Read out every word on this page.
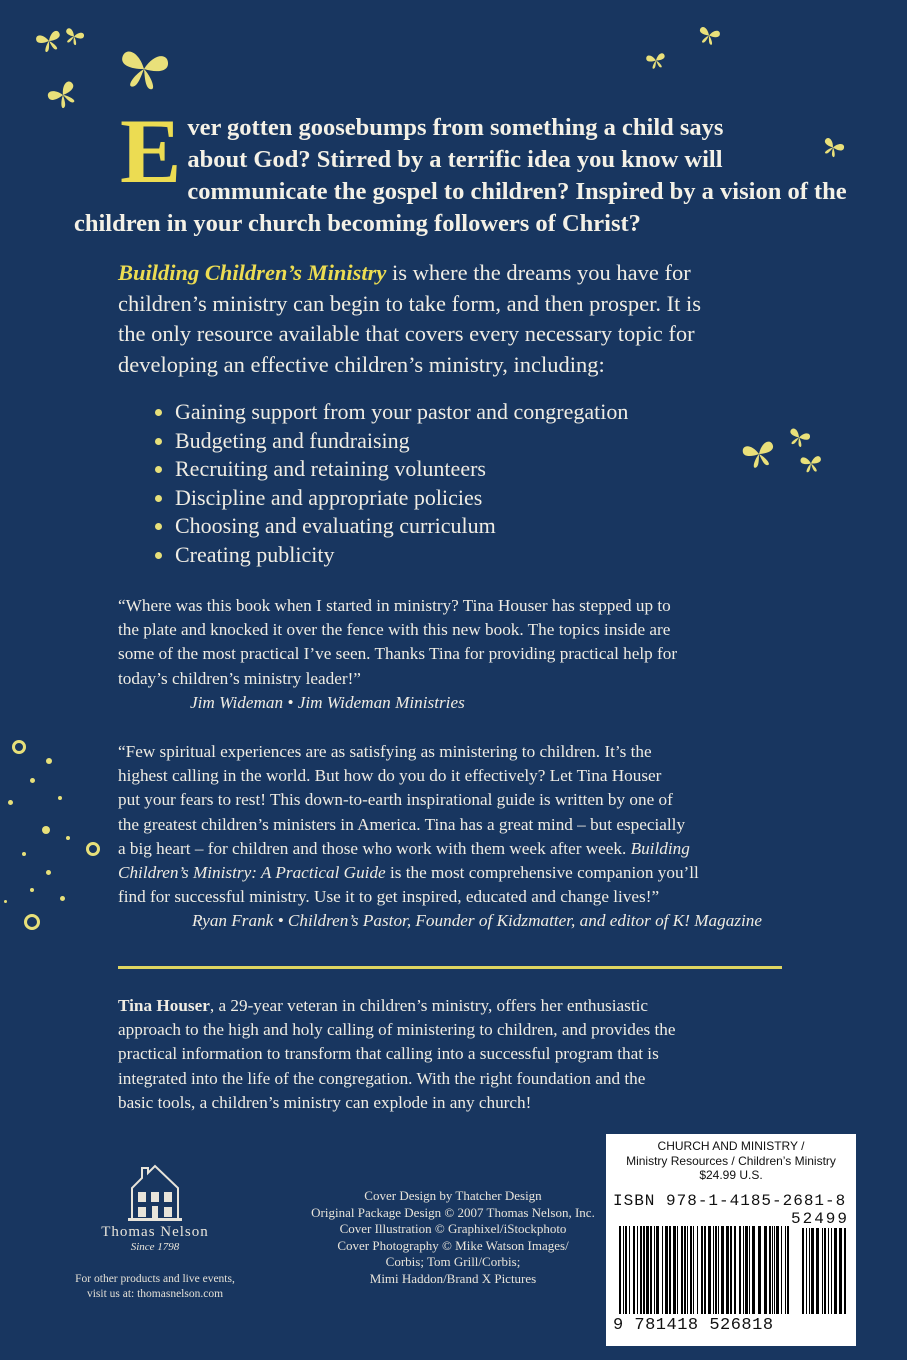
E ver gotten goosebumps from something a child says
about God? Stirred by a terrific idea you know will
communicate the gospel to children? Inspired by a vision of the
children in your church becoming followers of Christ?
Building Children’s Ministry is where the dreams you have for
children’s ministry can begin to take form, and then prosper. It is
the only resource available that covers every necessary topic for
developing an effective children’s ministry, including:
Gaining support from your pastor and congregation
Budgeting and fundraising
Recruiting and retaining volunteers
Discipline and appropriate policies
Choosing and evaluating curriculum
Creating publicity
“Where was this book when I started in ministry? Tina Houser has stepped up to
the plate and knocked it over the fence with this new book. The topics inside are
some of the most practical I’ve seen. Thanks Tina for providing practical help for
today’s children’s ministry leader!”
Jim Wideman • Jim Wideman Ministries
“Few spiritual experiences are as satisfying as ministering to children. It’s the
highest calling in the world. But how do you do it effectively? Let Tina Houser
put your fears to rest! This down-to-earth inspirational guide is written by one of
the greatest children’s ministers in America. Tina has a great mind – but especially
a big heart – for children and those who work with them week after week. Building
Children’s Ministry: A Practical Guide is the most comprehensive companion you’ll
find for successful ministry. Use it to get inspired, educated and change lives!”
Ryan Frank • Children’s Pastor, Founder of Kidzmatter, and editor of K! Magazine
Tina Houser, a 29-year veteran in children’s ministry, offers her enthusiastic
approach to the high and holy calling of ministering to children, and provides the
practical information to transform that calling into a successful program that is
integrated into the life of the congregation. With the right foundation and the
basic tools, a children’s ministry can explode in any church!
Thomas Nelson
Since 1798
For other products and live events,
visit us at: thomasnelson.com
Cover Design by Thatcher Design
Original Package Design © 2007 Thomas Nelson, Inc.
Cover Illustration © Graphixel/iStockphoto
Cover Photography © Mike Watson Images/
Corbis; Tom Grill/Corbis;
Mimi Haddon/Brand X Pictures
CHURCH AND MINISTRY /
Ministry Resources / Children’s Ministry
$24.99 U.S.
ISBN 978-1-4185-2681-8
52499
9 781418 526818
